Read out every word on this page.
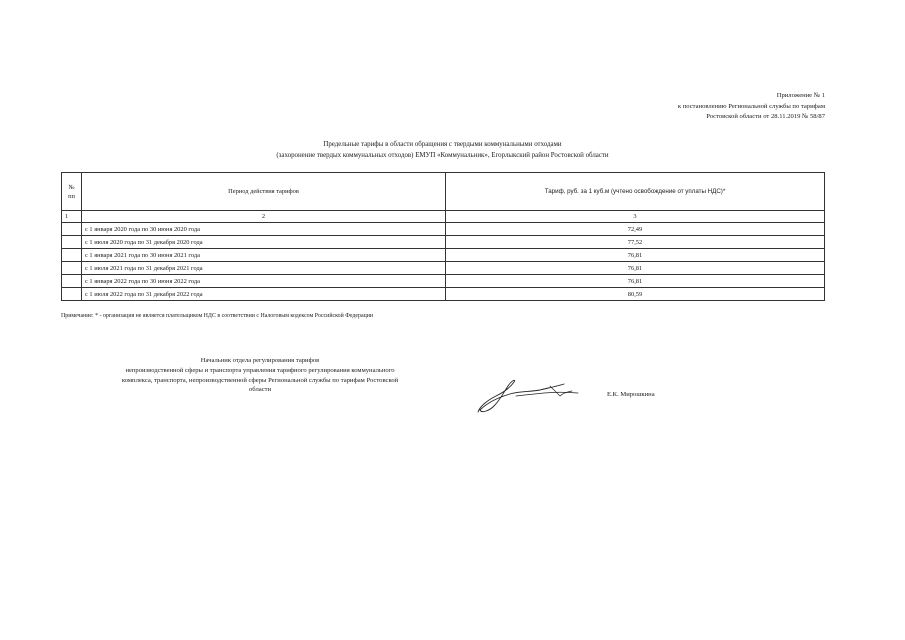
Приложение № 1
к постановлению Региональной службы по тарифам
Ростовской области от 28.11.2019 № 58/87
Предельные тарифы в области обращения с твердыми коммунальными отходами
(захоронение твердых коммунальных отходов) ЕМУП «Коммунальник», Егорлыкский район Ростовской области
№
пп	Период действия тарифов	Тариф, руб. за 1 куб.м (учтено освобождение от уплаты НДС)*
1	2	3
	с 1 января 2020 года по 30 июня 2020 года	72,49
	с 1 июля 2020 года по 31 декабря 2020 года	77,52
	с 1 января 2021 года по 30 июня 2021 года	76,81
	с 1 июля 2021 года по 31 декабря 2021 года	76,81
	с 1 января 2022 года по 30 июня 2022 года	76,81
	с 1 июля 2022 года по 31 декабря 2022 года	80,59
Примечание: * - организация не является плательщиком НДС в соответствии с Налоговым кодексом Российской Федерации
Начальник отдела регулирования тарифов
непроизводственной сферы и транспорта управления тарифного регулирования коммунального
комплекса, транспорта, непроизводственной сферы Региональной службы по тарифам Ростовской
области
Е.К. Мирошкина
